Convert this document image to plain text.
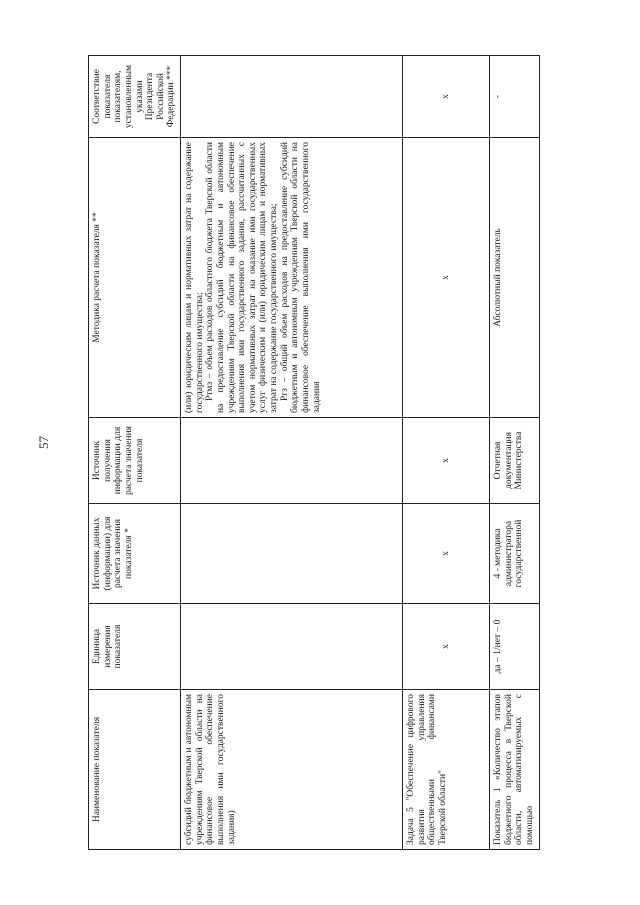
57
Наименование показателя	Единица измерения показателя	Источник данных (информации) для расчета значения показателя *	Источник получения информации для расчета значения показателя	Методика расчета показателя **	Соответствие показателя показателям, установленным указами Президента Российской Федерации ***
субсидий бюджетным и автономным учреждениям Тверской области на финансовое обеспечение выполнения ими государственного задания)				(или) юридическим лицам и нормативных затрат на содержание государственного имущества; Pтмз – объем расходов областного бюджета Тверской области на предоставление субсидий бюджетным и автономным учреждениям Тверской области на финансовое обеспечение выполнения ими государственного задания, рассчитанных с учетом нормативных затрат на оказание ими государственных услуг физическим и (или) юридическим лицам и нормативных затрат на содержание государственного имущества; Pгз – общий объем расходов на предоставление субсидий бюджетным и автономным учреждениям Тверской области на финансовое обеспечение выполнения ими государственного задания	

Задача 5 "Обеспечение цифрового развития управления общественными финансами Тверской области"	x	x	x	x	x
Показатель 1 «Количество этапов бюджетного процесса в Тверской области, автоматизируемых с помощью	да – 1/нет – 0	4 - методика администратора государственной	Отчетная документация Министерства	Абсолютный показатель	-
